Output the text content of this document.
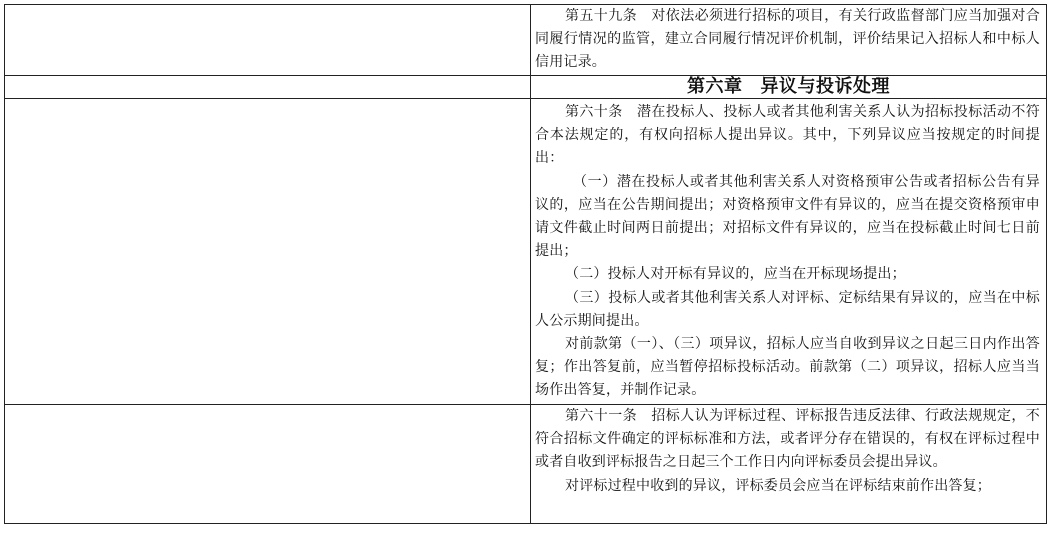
	第五十九条　 对依法必须进行招标的项目，有关行政监督部门应当加强对合同履行情况的监管，建立合同履行情况评价机制，评价结果记入招标人和中标人信用记录。

	第六章 异议与投诉处理

	第六十条　 潜在投标人、投标人或者其他利害关系人认为招标投标活动不符合本法规定的，有权向招标人提出异议。其中，下列异议应当按规定的时间提出：

（一）潜在投标人或者其他利害关系人对资格预审公告或者招标公告有异议的，应当在公告期间提出；对资格预审文件有异议的，应当在提交资格预审申请文件截止时间两日前提出；对招标文件有异议的，应当在投标截止时间七日前提出；

（二）投标人对开标有异议的，应当在开标现场提出；

（三）投标人或者其他利害关系人对评标、定标结果有异议的，应当在中标人公示期间提出。

对前款第（一）、（三）项异议，招标人应当自收到异议之日起三日内作出答复；作出答复前，应当暂停招标投标活动。前款第（二）项异议，招标人应当当场作出答复，并制作记录。

	第六十一条　 招标人认为评标过程、评标报告违反法律、行政法规规定，不符合招标文件确定的评标标准和方法，或者评分存在错误的，有权在评标过程中或者自收到评标报告之日起三个工作日内向评标委员会提出异议。

对评标过程中收到的异议，评标委员会应当在评标结束前作出答复；
